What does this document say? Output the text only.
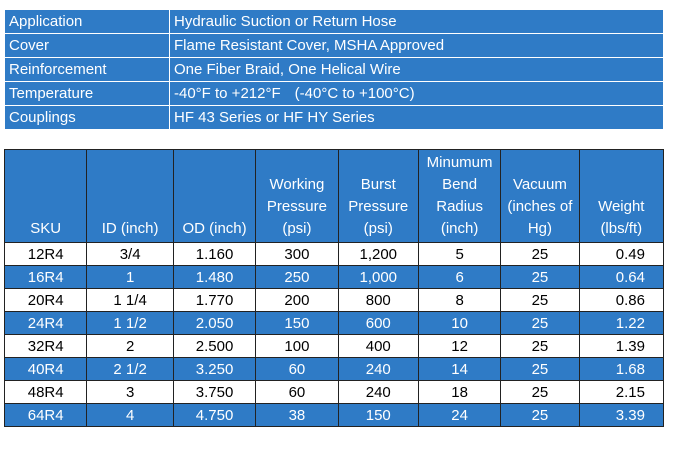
Application	Hydraulic Suction or Return Hose
Cover	Flame Resistant Cover, MSHA Approved
Reinforcement	One Fiber Braid, One Helical Wire
Temperature	-40°F to +212°F (-40°C to +100°C)
Couplings	HF 43 Series or HF HY Series
SKU	ID (inch)	OD (inch)	Working
Pressure
(psi)	Burst
Pressure
(psi)	Minumum
Bend
Radius
(inch)	Vacuum
(inches of
Hg)	Weight
(lbs/ft)

12R4	3/4	1.160	300	1,200	5	25	0.49
16R4	1	1.480	250	1,000	6	25	0.64
20R4	1 1/4	1.770	200	800	8	25	0.86
24R4	1 1/2	2.050	150	600	10	25	1.22
32R4	2	2.500	100	400	12	25	1.39
40R4	2 1/2	3.250	60	240	14	25	1.68
48R4	3	3.750	60	240	18	25	2.15
64R4	4	4.750	38	150	24	25	3.39
